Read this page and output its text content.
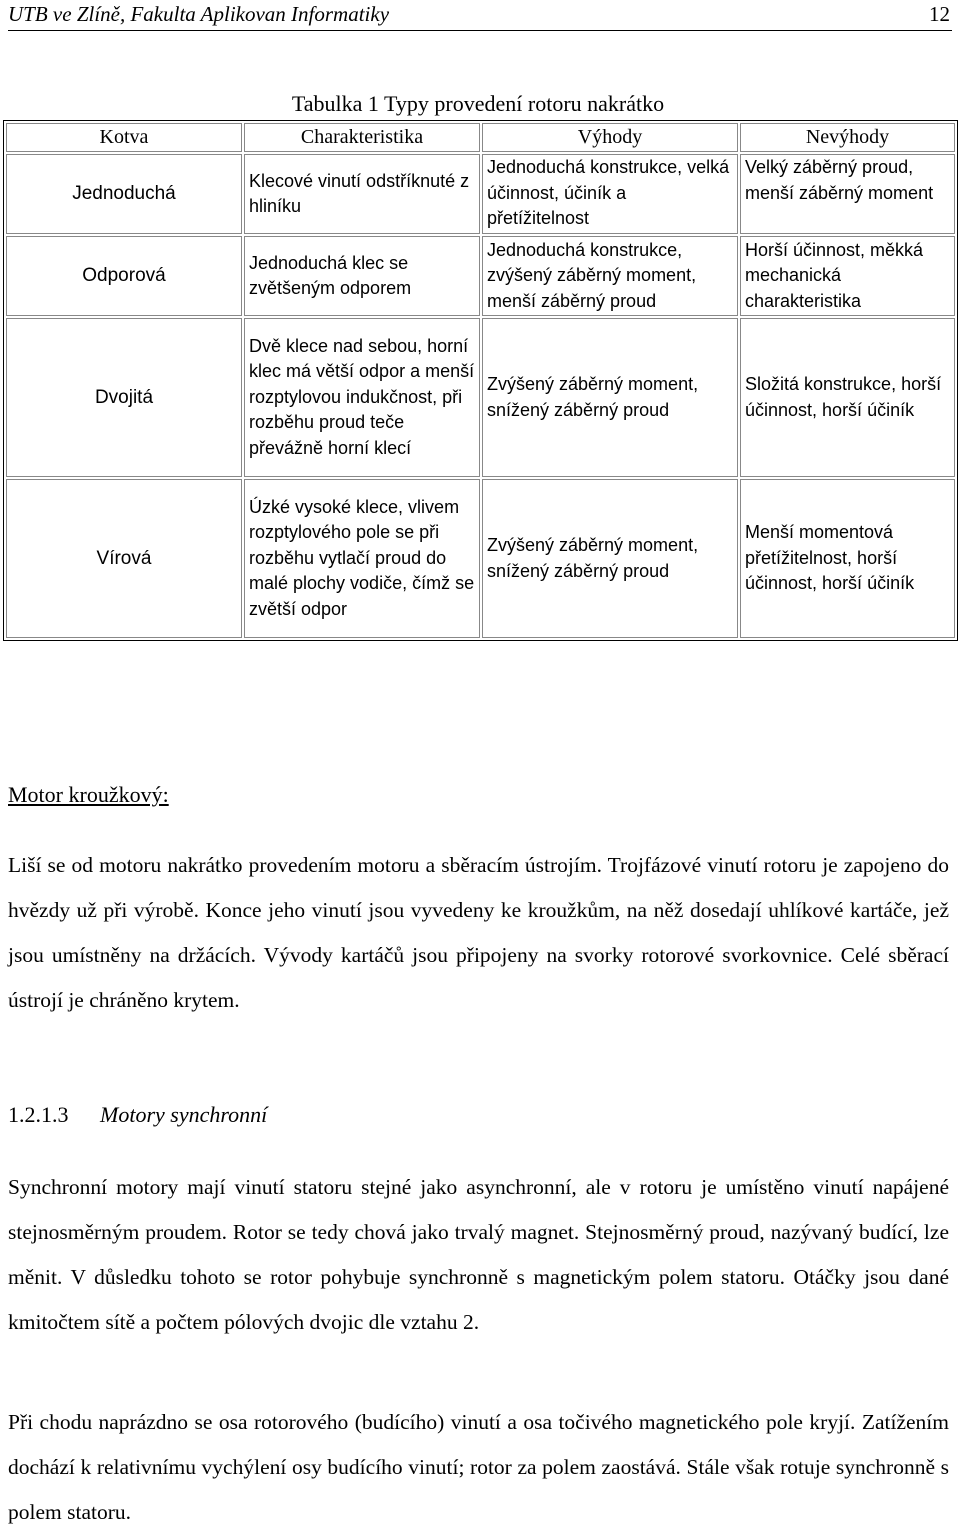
UTB ve Zlíně, Fakulta Aplikovan Informatiky	12
Tabulka 1 Typy provedení rotoru nakrátko
Kotva	Charakteristika	Výhody	Nevýhody
Jednoduchá	Klecové vinutí odstříknuté z hliníku	Jednoduchá konstrukce, velká účinnost, účiník a přetížitelnost	Velký záběrný proud, menší záběrný moment
Odporová	Jednoduchá klec se zvětšeným odporem	Jednoduchá konstrukce, zvýšený záběrný moment, menší záběrný proud	Horší účinnost, měkká mechanická charakteristika
Dvojitá	Dvě klece nad sebou, horní klec má větší odpor a menší rozptylovou indukčnost, při rozběhu proud teče převážně horní klecí	Zvýšený záběrný moment, snížený záběrný proud	Složitá konstrukce, horší účinnost, horší účiník
Vírová	Úzké vysoké klece, vlivem rozptylového pole se při rozběhu vytlačí proud do malé plochy vodiče, čímž se zvětší odpor	Zvýšený záběrný moment, snížený záběrný proud	Menší momentová přetížitelnost, horší účinnost, horší účiník
Motor kroužkový:
Liší se od motoru nakrátko provedením motoru a sběracím ústrojím. Trojfázové vinutí rotoru je zapojeno do hvězdy už při výrobě. Konce jeho vinutí jsou vyvedeny ke kroužkům, na něž dosedají uhlíkové kartáče, jež jsou umístněny na držácích. Vývody kartáčů jsou připojeny na svorky rotorové svorkovnice. Celé sběrací ústrojí je chráněno krytem.
1.2.1.3 Motory synchronní
Synchronní motory mají vinutí statoru stejné jako asynchronní, ale v rotoru je umístěno vinutí napájené stejnosměrným proudem. Rotor se tedy chová jako trvalý magnet. Stejnosměrný proud, nazývaný budící, lze měnit. V důsledku tohoto se rotor pohybuje synchronně s magnetickým polem statoru. Otáčky jsou dané kmitočtem sítě a počtem pólových dvojic dle vztahu 2.
Při chodu naprázdno se osa rotorového (budícího) vinutí a osa točivého magnetického pole kryjí. Zatížením dochází k relativnímu vychýlení osy budícího vinutí; rotor za polem zaostává. Stále však rotuje synchronně s polem statoru.
